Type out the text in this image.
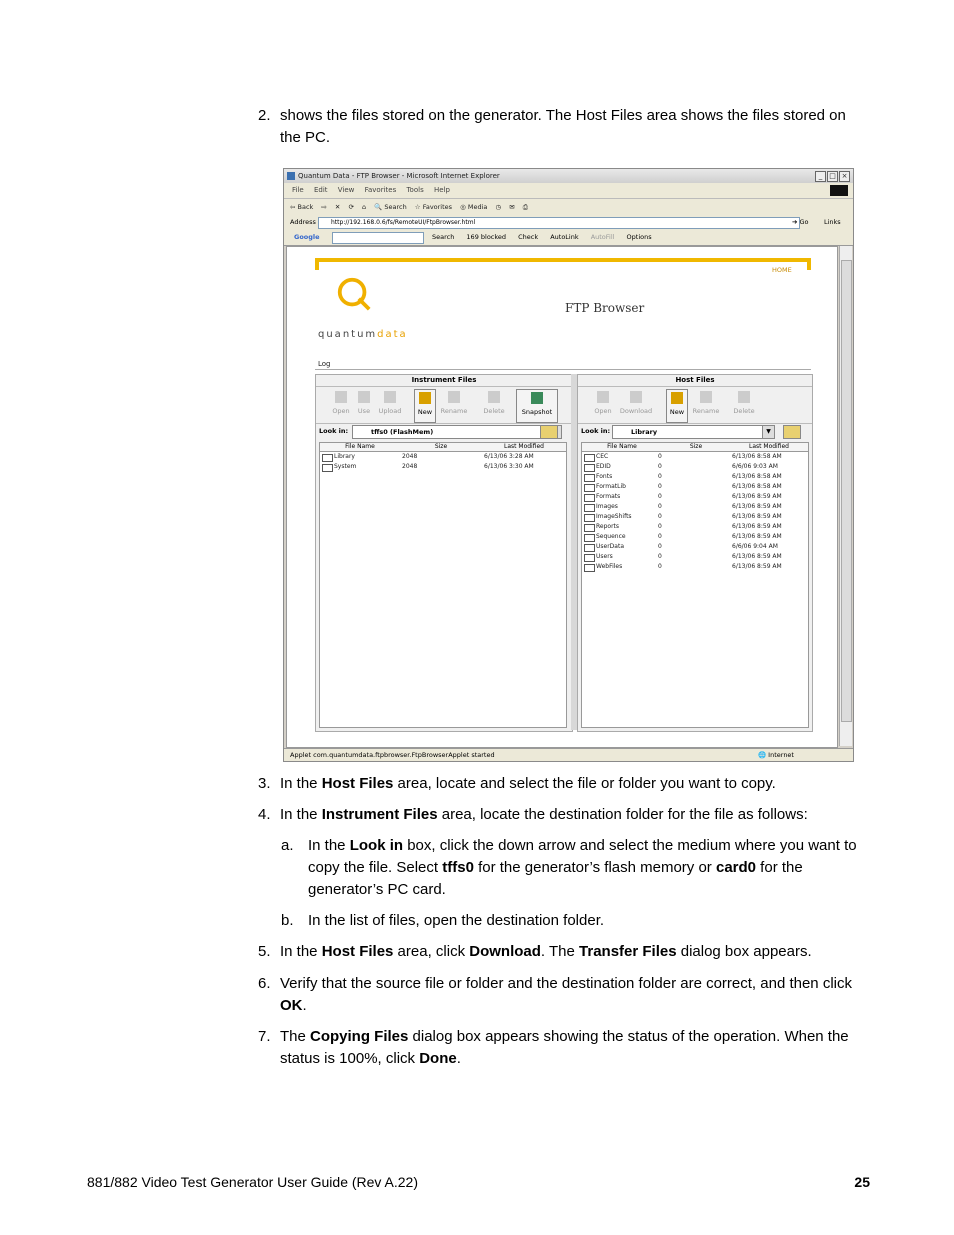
2. shows the files stored on the generator. The Host Files area shows the files stored on the PC.
Quantum Data - FTP Browser - Microsoft Internet Explorer	_ □ ×
File Edit View Favorites Tools Help
⇦ Back ⇨ ✕ ⟳ ⌂ 🔍 Search ☆ Favorites ◎ Media ◷ ✉ ⎙
Address	http://192.168.0.6/fs/RemoteUI/FtpBrowser.html	➔ Go Links
Google	Search 169 blocked Check AutoLink AutoFill Options
HOME
quantumdata
FTP Browser
Log
Instrument Files
Open	Use	Upload	New	Rename	Delete	Snapshot
Look in:	tffs0 (FlashMem)
File Name	Size	Last Modified
Library	2048	6/13/06 3:28 AM
System	2048	6/13/06 3:30 AM
Host Files
Open	Download	New	Rename	Delete
Look in:	Library	▼
File Name	Size	Last Modified
CEC	0	6/13/06 8:58 AM
EDID	0	6/6/06 9:03 AM
Fonts	0	6/13/06 8:58 AM
FormatLib	0	6/13/06 8:58 AM
Formats	0	6/13/06 8:59 AM
Images	0	6/13/06 8:59 AM
ImageShifts	0	6/13/06 8:59 AM
Reports	0	6/13/06 8:59 AM
Sequence	0	6/13/06 8:59 AM
UserData	0	6/6/06 9:04 AM
Users	0	6/13/06 8:59 AM
WebFiles	0	6/13/06 8:59 AM
Applet com.quantumdata.ftpbrowser.FtpBrowserApplet started	🌐 Internet
3. In the Host Files area, locate and select the file or folder you want to copy.
4. In the Instrument Files area, locate the destination folder for the file as follows:
a. In the Look in box, click the down arrow and select the medium where you want to copy the file. Select tffs0 for the generator’s flash memory or card0 for the generator’s PC card.
b. In the list of files, open the destination folder.
5. In the Host Files area, click Download. The Transfer Files dialog box appears.
6. Verify that the source file or folder and the destination folder are correct, and then click OK.
7. The Copying Files dialog box appears showing the status of the operation. When the status is 100%, click Done.
881/882 Video Test Generator User Guide (Rev A.22)	25
